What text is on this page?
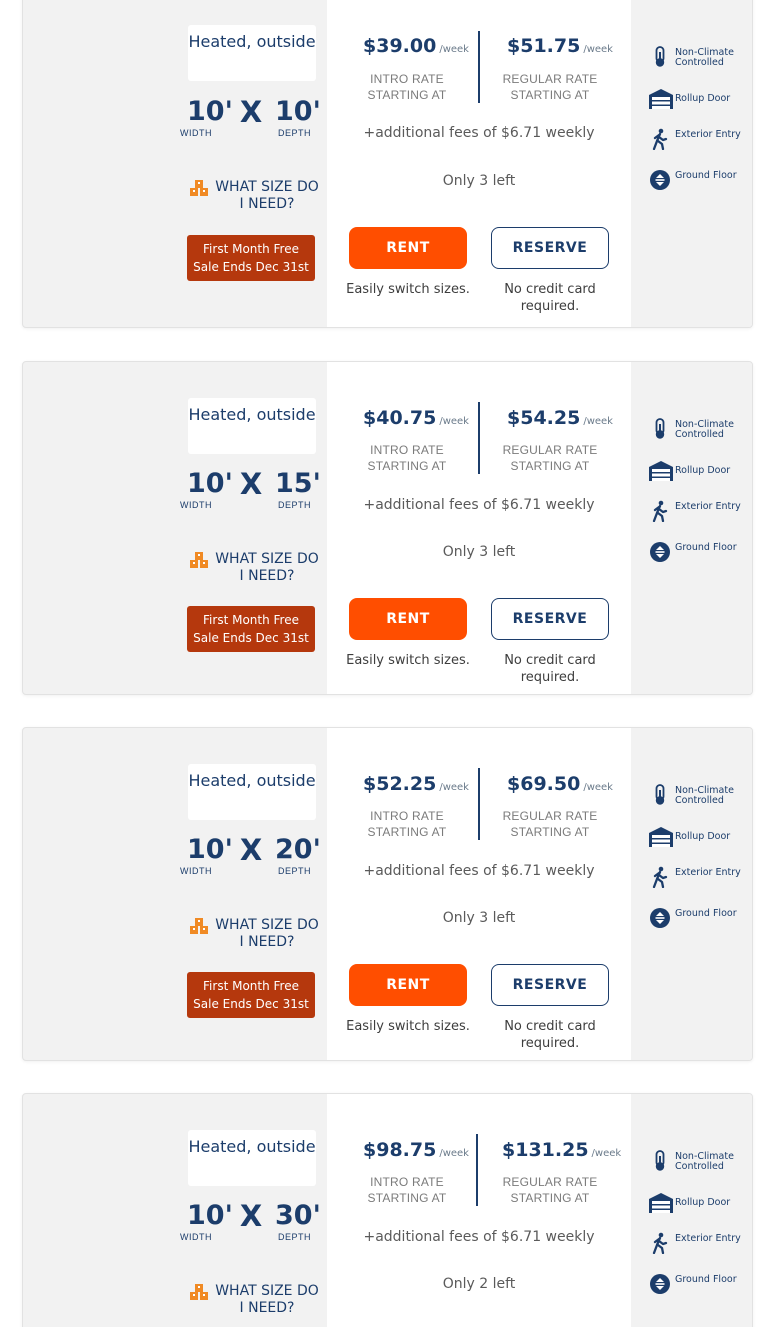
Heated, outside
10' X 10'
WIDTH	DEPTH
WHAT SIZE DO I NEED?
First Month Free
Sale Ends Dec 31st
$39.00 /week $51.75 /week
INTRO RATE STARTING AT
REGULAR RATE STARTING AT
+additional fees of $6.71 weekly
Only 3 left
RENT	RESERVE
Easily switch sizes.	No credit card required.
Non-Climate Controlled
Rollup Door
Exterior Entry
Ground Floor
Heated, outside
10' X 15'
WIDTH	DEPTH
WHAT SIZE DO I NEED?
First Month Free
Sale Ends Dec 31st
$40.75 /week $54.25 /week
INTRO RATE STARTING AT
REGULAR RATE STARTING AT
+additional fees of $6.71 weekly
Only 3 left
RENT	RESERVE
Easily switch sizes.	No credit card required.
Non-Climate Controlled
Rollup Door
Exterior Entry
Ground Floor
Heated, outside
10' X 20'
WIDTH	DEPTH
WHAT SIZE DO I NEED?
First Month Free
Sale Ends Dec 31st
$52.25 /week $69.50 /week
INTRO RATE STARTING AT
REGULAR RATE STARTING AT
+additional fees of $6.71 weekly
Only 3 left
RENT	RESERVE
Easily switch sizes.	No credit card required.
Non-Climate Controlled
Rollup Door
Exterior Entry
Ground Floor
Heated, outside
10' X 30'
WIDTH	DEPTH
WHAT SIZE DO I NEED?
$98.75 /week $131.25 /week
INTRO RATE STARTING AT
REGULAR RATE STARTING AT
+additional fees of $6.71 weekly
Only 2 left
Non-Climate Controlled
Rollup Door
Exterior Entry
Ground Floor
